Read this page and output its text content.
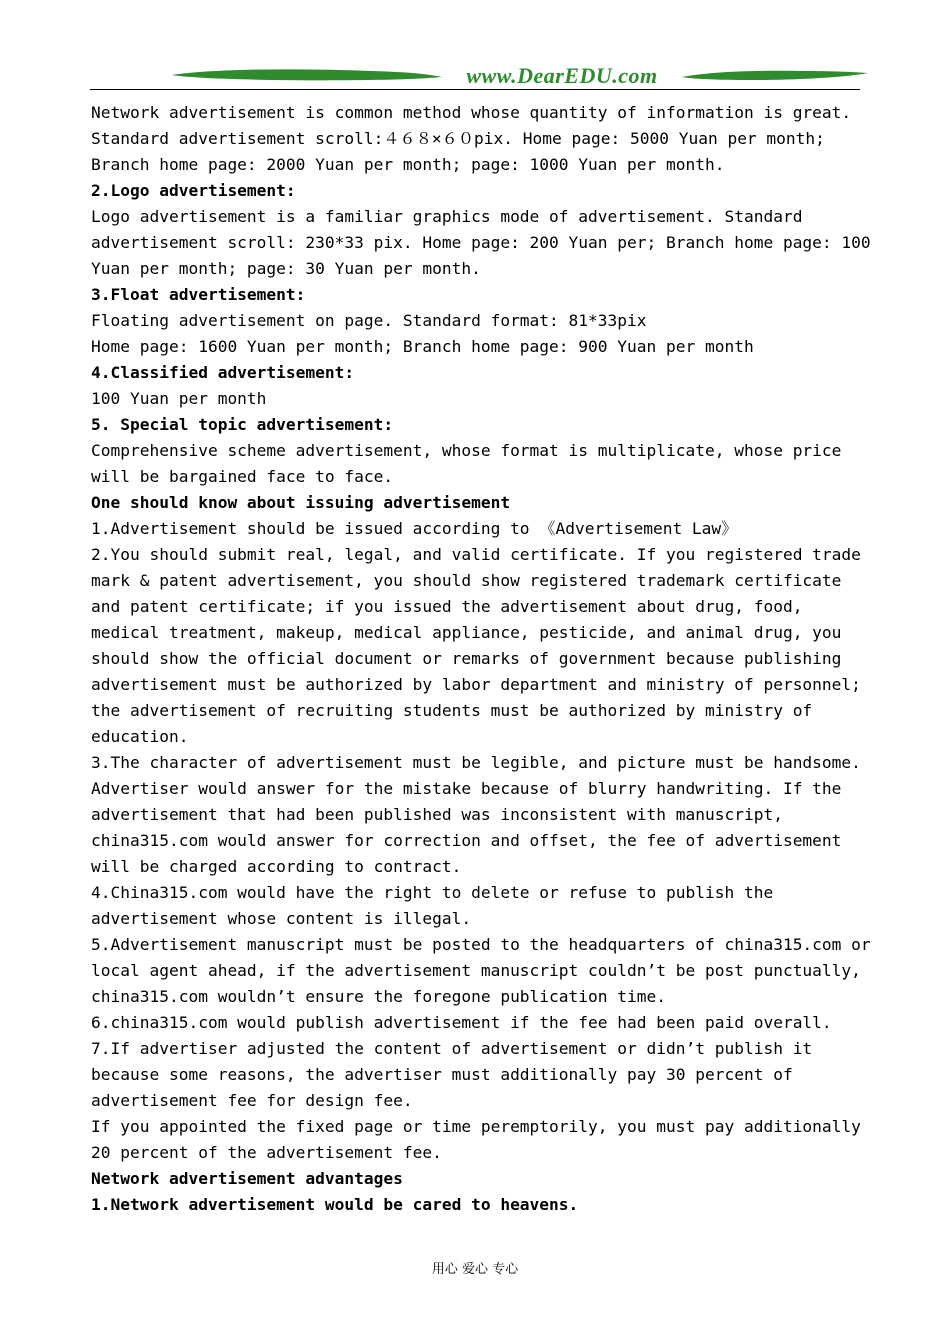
www.DearEDU.com
Network advertisement is common method whose quantity of information is great.
Standard advertisement scroll:４６８×６０pix. Home page: 5000 Yuan per month;
Branch home page: 2000 Yuan per month; page: 1000 Yuan per month.
2.Logo advertisement:
Logo advertisement is a familiar graphics mode of advertisement. Standard
advertisement scroll: 230*33 pix. Home page: 200 Yuan per; Branch home page: 100
Yuan per month; page: 30 Yuan per month.
3.Float advertisement:
Floating advertisement on page. Standard format: 81*33pix
Home page: 1600 Yuan per month; Branch home page: 900 Yuan per month
4.Classified advertisement:
100 Yuan per month
5. Special topic advertisement:
Comprehensive scheme advertisement, whose format is multiplicate, whose price
will be bargained face to face.
One should know about issuing advertisement
1.Advertisement should be issued according to 《Advertisement Law》
2.You should submit real, legal, and valid certificate. If you registered trade
mark & patent advertisement, you should show registered trademark certificate
and patent certificate; if you issued the advertisement about drug, food,
medical treatment, makeup, medical appliance, pesticide, and animal drug, you
should show the official document or remarks of government because publishing
advertisement must be authorized by labor department and ministry of personnel;
the advertisement of recruiting students must be authorized by ministry of
education.
3.The character of advertisement must be legible, and picture must be handsome.
Advertiser would answer for the mistake because of blurry handwriting. If the
advertisement that had been published was inconsistent with manuscript,
china315.com would answer for correction and offset, the fee of advertisement
will be charged according to contract.
4.China315.com would have the right to delete or refuse to publish the
advertisement whose content is illegal.
5.Advertisement manuscript must be posted to the headquarters of china315.com or
local agent ahead, if the advertisement manuscript couldn’t be post punctually,
china315.com wouldn’t ensure the foregone publication time.
6.china315.com would publish advertisement if the fee had been paid overall.
7.If advertiser adjusted the content of advertisement or didn’t publish it
because some reasons, the advertiser must additionally pay 30 percent of
advertisement fee for design fee.
If you appointed the fixed page or time peremptorily, you must pay additionally
20 percent of the advertisement fee.
Network advertisement advantages
1.Network advertisement would be cared to heavens.
用心 爱心 专心
